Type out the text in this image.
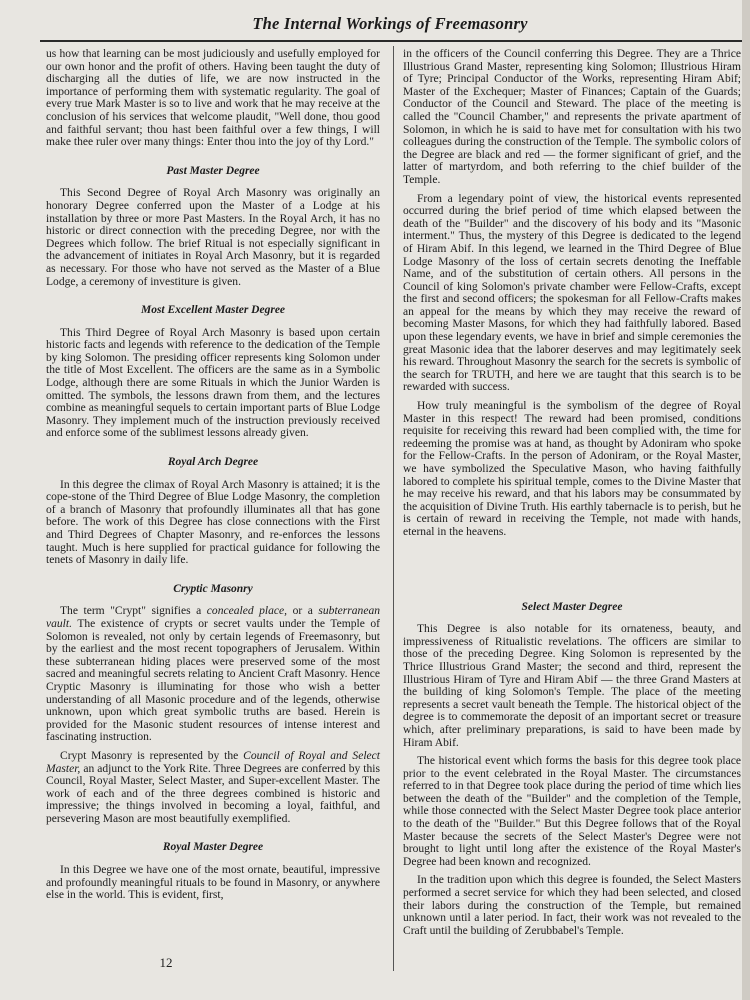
The Internal Workings of Freemasonry

us how that learning can be most judiciously and usefully employed for our own honor and the profit of others. Having been taught the duty of discharging all the duties of life, we are now instructed in the importance of performing them with systematic regularity. The goal of every true Mark Master is so to live and work that he may receive at the conclusion of his services that welcome plaudit, "Well done, thou good and faithful servant; thou hast been faithful over a few things, I will make thee ruler over many things: Enter thou into the joy of thy Lord."

Past Master Degree

This Second Degree of Royal Arch Masonry was originally an honorary Degree conferred upon the Master of a Lodge at his installation by three or more Past Masters. In the Royal Arch, it has no historic or direct connection with the preceding Degree, nor with the Degrees which follow. The brief Ritual is not especially significant in the advancement of initiates in Royal Arch Masonry, but it is regarded as necessary. For those who have not served as the Master of a Blue Lodge, a ceremony of investiture is given.

Most Excellent Master Degree

This Third Degree of Royal Arch Masonry is based upon certain historic facts and legends with reference to the dedication of the Temple by king Solomon. The presiding officer represents king Solomon under the title of Most Excellent. The officers are the same as in a Symbolic Lodge, although there are some Rituals in which the Junior Warden is omitted. The symbols, the lessons drawn from them, and the lectures combine as meaningful sequels to certain important parts of Blue Lodge Masonry. They implement much of the instruction previously received and enforce some of the sublimest lessons already given.

Royal Arch Degree

In this degree the climax of Royal Arch Masonry is attained; it is the cope-stone of the Third Degree of Blue Lodge Masonry, the completion of a branch of Masonry that profoundly illuminates all that has gone before. The work of this Degree has close connections with the First and Third Degrees of Chapter Masonry, and re-enforces the lessons taught. Much is here supplied for practical guidance for following the tenets of Masonry in daily life.

Cryptic Masonry

The term "Crypt" signifies a concealed place, or a subterranean vault. The existence of crypts or secret vaults under the Temple of Solomon is revealed, not only by certain legends of Freemasonry, but by the earliest and the most recent topographers of Jerusalem. Within these subterranean hiding places were preserved some of the most sacred and meaningful secrets relating to Ancient Craft Masonry. Hence Cryptic Masonry is illuminating for those who wish a better understanding of all Masonic procedure and of the legends, otherwise unknown, upon which great symbolic truths are based. Herein is provided for the Masonic student resources of intense interest and fascinating instruction.

Crypt Masonry is represented by the Council of Royal and Select Master, an adjunct to the York Rite. Three Degrees are conferred by this Council, Royal Master, Select Master, and Super-excellent Master. The work of each and of the three degrees combined is historic and impressive; the things involved in becoming a loyal, faithful, and persevering Mason are most beautifully exemplified.

Royal Master Degree

In this Degree we have one of the most ornate, beautiful, impressive and profoundly meaningful rituals to be found in Masonry, or anywhere else in the world. This is evident, first,

in the officers of the Council conferring this Degree. They are a Thrice Illustrious Grand Master, representing king Solomon; Illustrious Hiram of Tyre; Principal Conductor of the Works, representing Hiram Abif; Master of the Exchequer; Master of Finances; Captain of the Guards; Conductor of the Council and Steward. The place of the meeting is called the "Council Chamber," and represents the private apartment of Solomon, in which he is said to have met for consultation with his two colleagues during the construction of the Temple. The symbolic colors of the Degree are black and red — the former significant of grief, and the latter of martyrdom, and both referring to the chief builder of the Temple.

From a legendary point of view, the historical events represented occurred during the brief period of time which elapsed between the death of the "Builder" and the discovery of his body and its "Masonic interment." Thus, the mystery of this Degree is dedicated to the legend of Hiram Abif. In this legend, we learned in the Third Degree of Blue Lodge Masonry of the loss of certain secrets denoting the Ineffable Name, and of the substitution of certain others. All persons in the Council of king Solomon's private chamber were Fellow-Crafts, except the first and second officers; the spokesman for all Fellow-Crafts makes an appeal for the means by which they may receive the reward of becoming Master Masons, for which they had faithfully labored. Based upon these legendary events, we have in brief and simple ceremonies the great Masonic idea that the laborer deserves and may legitimately seek his reward. Throughout Masonry the search for the secrets is symbolic of the search for TRUTH, and here we are taught that this search is to be rewarded with success.

How truly meaningful is the symbolism of the degree of Royal Master in this respect! The reward had been promised, conditions requisite for receiving this reward had been complied with, the time for redeeming the promise was at hand, as thought by Adoniram who spoke for the Fellow-Crafts. In the person of Adoniram, or the Royal Master, we have symbolized the Speculative Mason, who having faithfully labored to complete his spiritual temple, comes to the Divine Master that he may receive his reward, and that his labors may be consummated by the acquisition of Divine Truth. His earthly tabernacle is to perish, but he is certain of reward in receiving the Temple, not made with hands, eternal in the heavens.

Select Master Degree

This Degree is also notable for its ornateness, beauty, and impressiveness of Ritualistic revelations. The officers are similar to those of the preceding Degree. King Solomon is represented by the Thrice Illustrious Grand Master; the second and third, represent the Illustrious Hiram of Tyre and Hiram Abif — the three Grand Masters at the building of king Solomon's Temple. The place of the meeting represents a secret vault beneath the Temple. The historical object of the degree is to commemorate the deposit of an important secret or treasure which, after preliminary preparations, is said to have been made by Hiram Abif.

The historical event which forms the basis for this degree took place prior to the event celebrated in the Royal Master. The circumstances referred to in that Degree took place during the period of time which lies between the death of the "Builder" and the completion of the Temple, while those connected with the Select Master Degree took place anterior to the death of the "Builder." But this Degree follows that of the Royal Master because the secrets of the Select Master's Degree were not brought to light until long after the existence of the Royal Master's Degree had been known and recognized.

In the tradition upon which this degree is founded, the Select Masters performed a secret service for which they had been selected, and closed their labors during the construction of the Temple, but remained unknown until a later period. In fact, their work was not revealed to the Craft until the building of Zerubbabel's Temple.

12
